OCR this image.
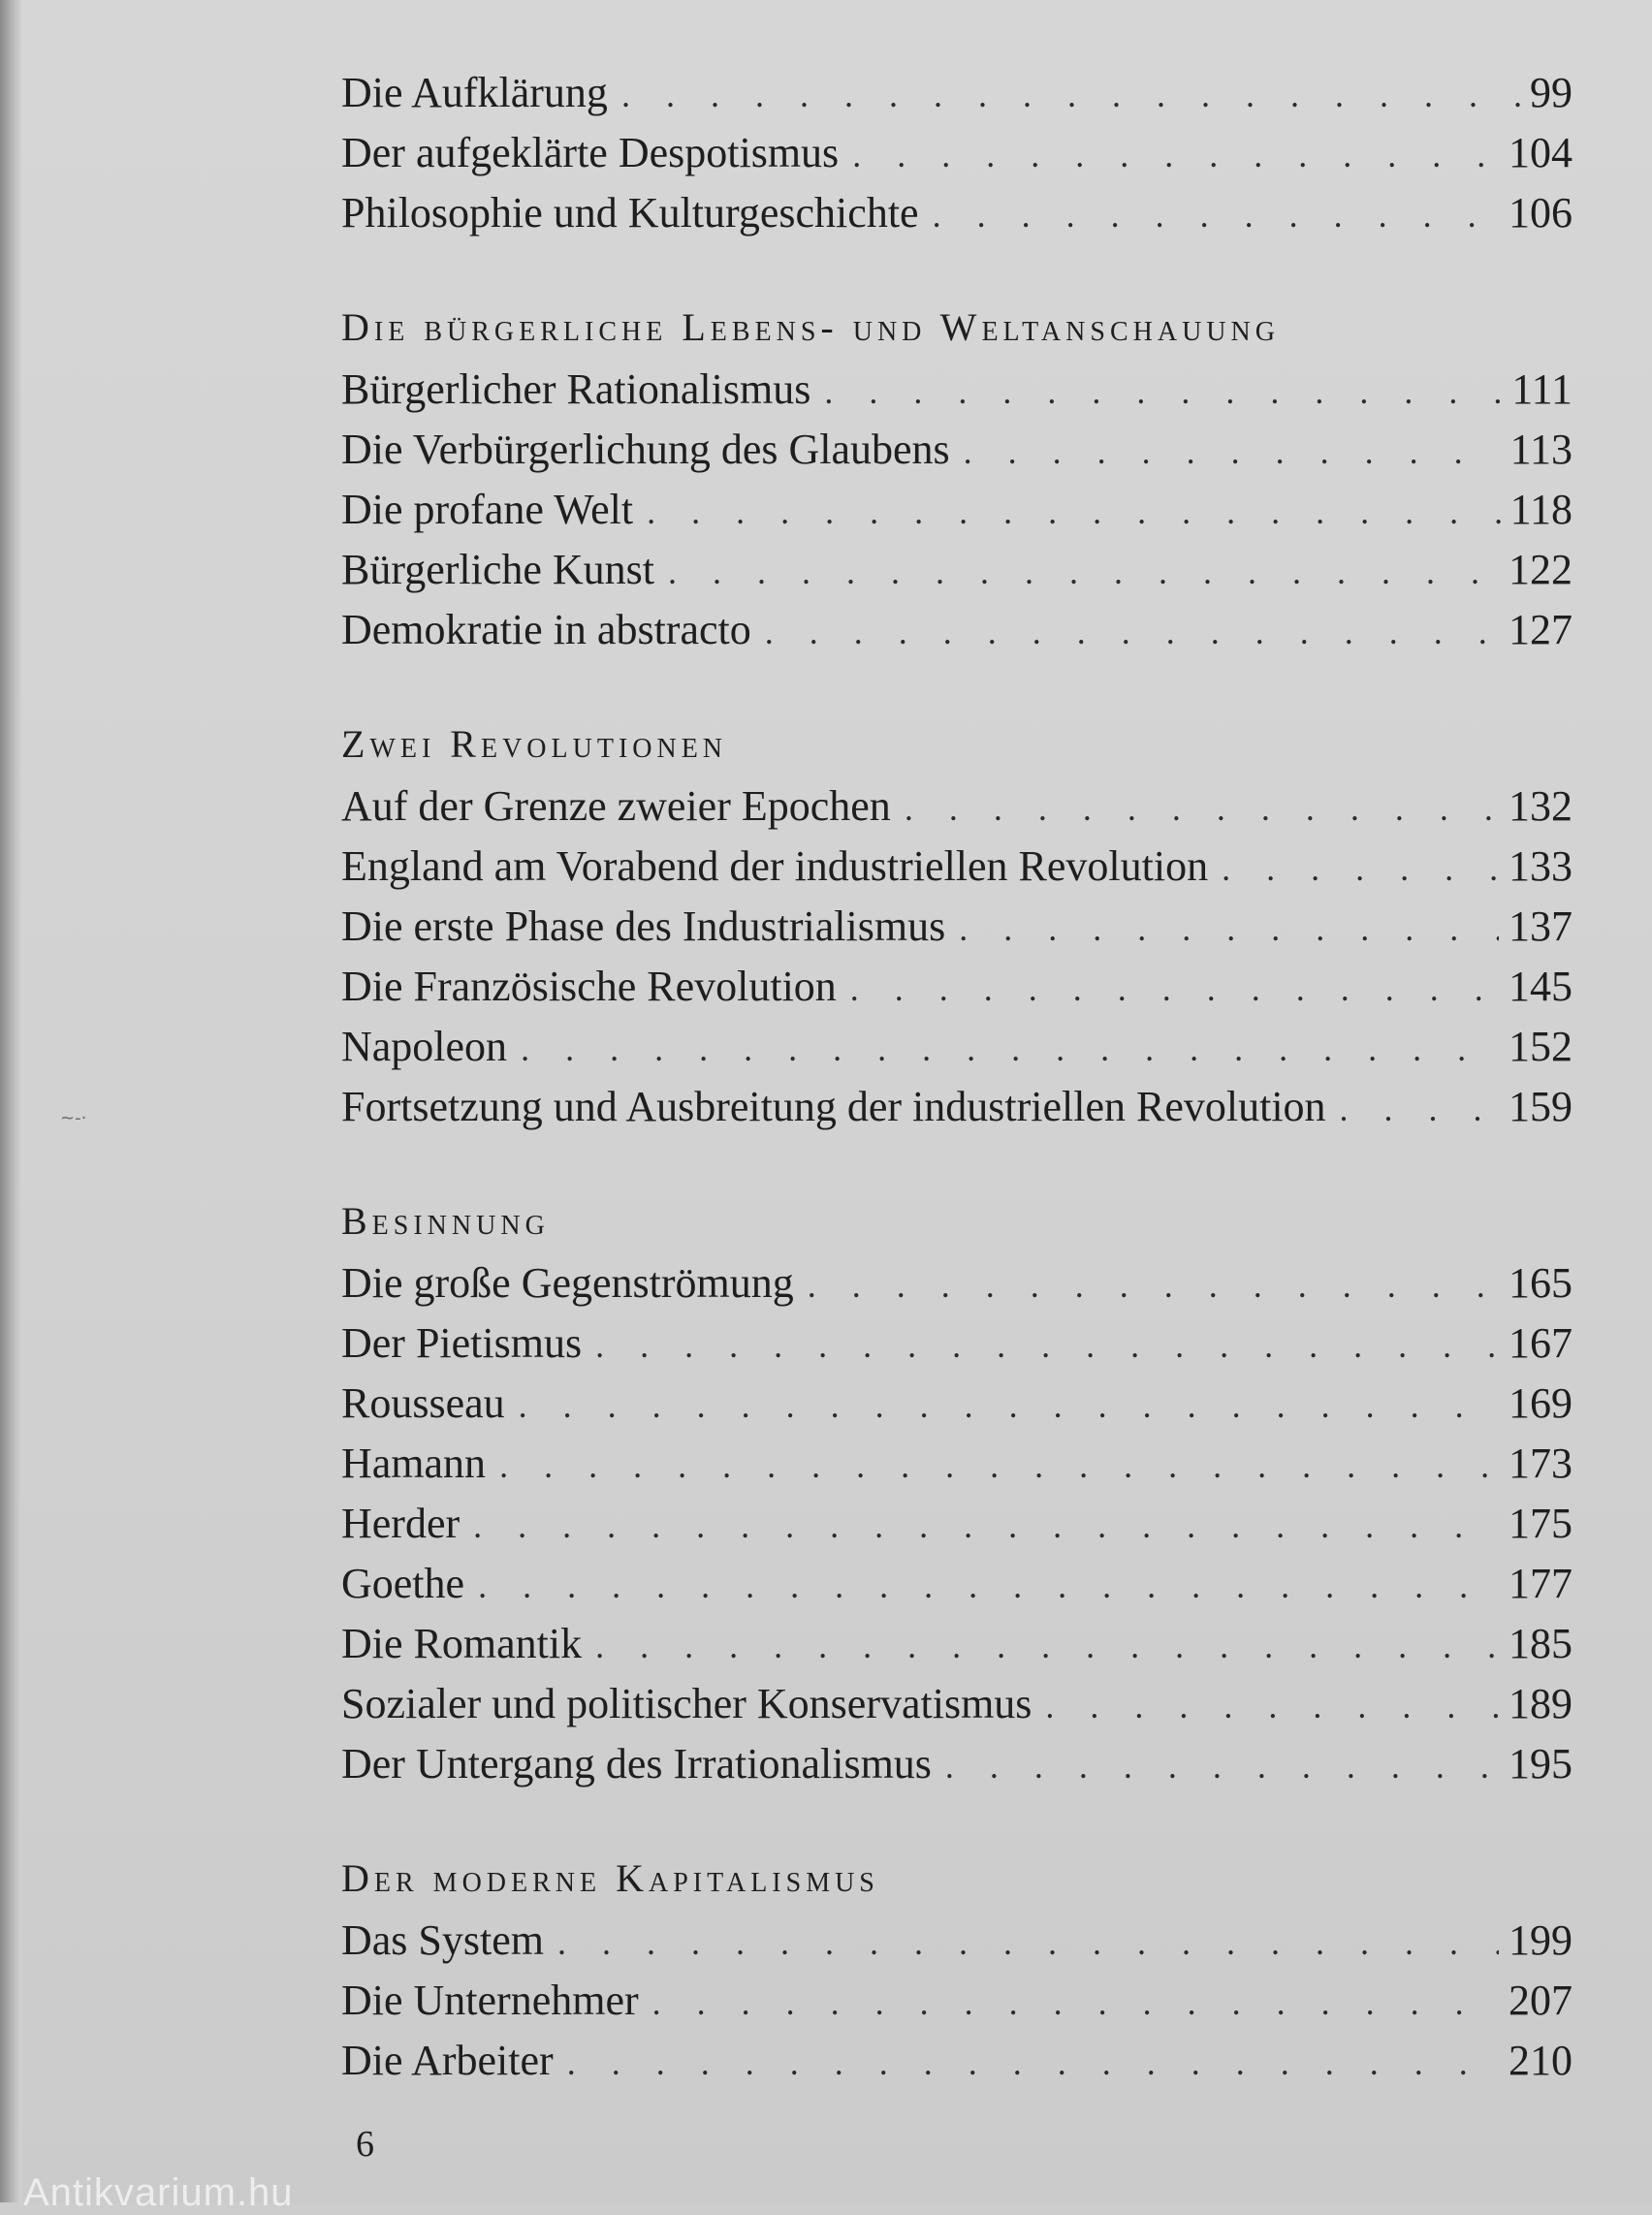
~-·
Die Aufklärung . . .	99
Der aufgeklärte Despotismus . . .	104
Philosophie und Kulturgeschichte . . .	106
Die bürgerliche Lebens- und Weltanschauung
Bürgerlicher Rationalismus . . .	111
Die Verbürgerlichung des Glaubens . . .	113
Die profane Welt . . .	118
Bürgerliche Kunst . . .	122
Demokratie in abstracto . . .	127
Zwei Revolutionen
Auf der Grenze zweier Epochen . . .	132
England am Vorabend der industriellen Revolution . . .	133
Die erste Phase des Industrialismus . . .	137
Die Französische Revolution . . .	145
Napoleon . . .	152
Fortsetzung und Ausbreitung der industriellen Revolution . . .	159
Besinnung
Die große Gegenströmung . . .	165
Der Pietismus . . .	167
Rousseau . . .	169
Hamann . . .	173
Herder . . .	175
Goethe . . .	177
Die Romantik . . .	185
Sozialer und politischer Konservatismus . . .	189
Der Untergang des Irrationalismus . . .	195
Der moderne Kapitalismus
Das System . . .	199
Die Unternehmer . . .	207
Die Arbeiter . . .	210
6
Antikvarium.hu
